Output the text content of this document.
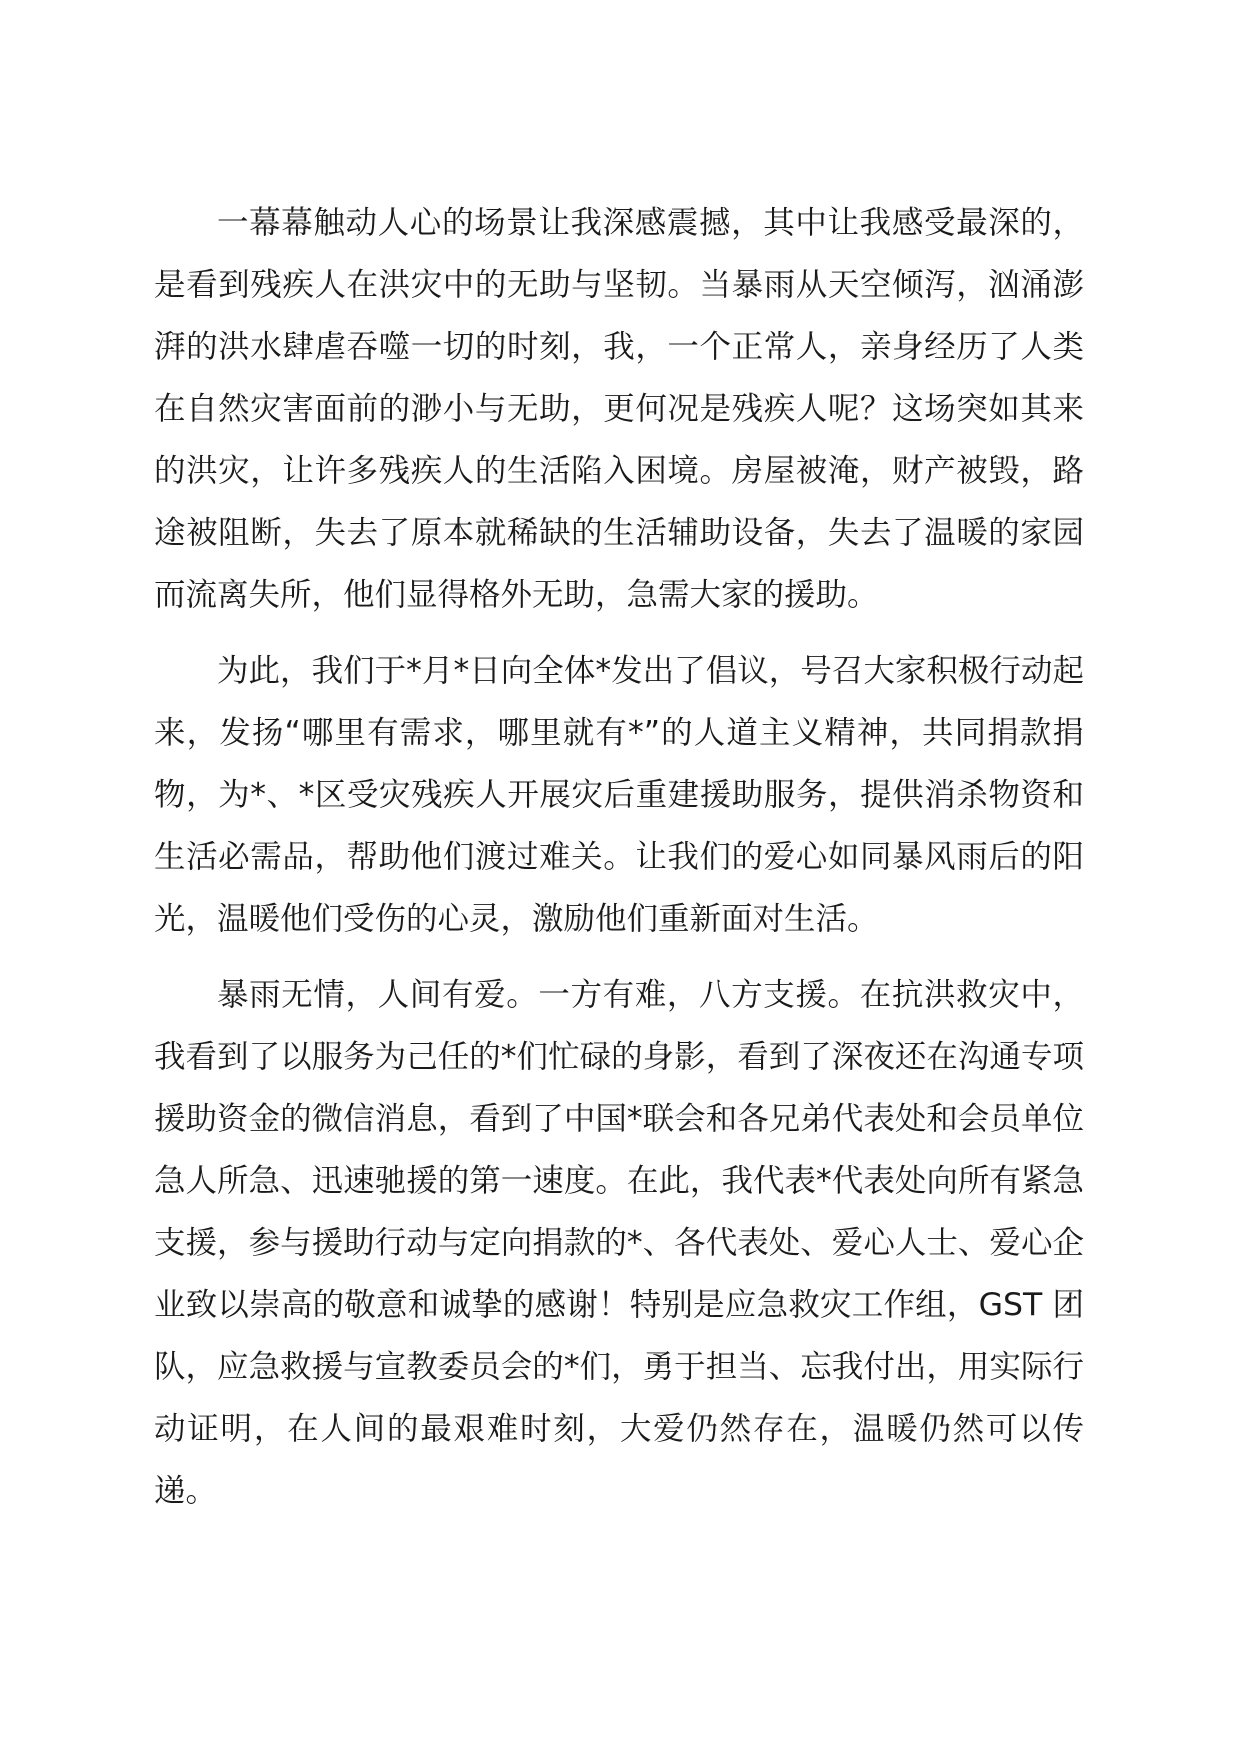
一幕幕触动人心的场景让我深感震撼，其中让我感受最深的，是看到残疾人在洪灾中的无助与坚韧。当暴雨从天空倾泻，汹涌澎湃的洪水肆虐吞噬一切的时刻，我，一个正常人，亲身经历了人类在自然灾害面前的渺小与无助，更何况是残疾人呢？这场突如其来的洪灾，让许多残疾人的生活陷入困境。房屋被淹，财产被毁，路途被阻断，失去了原本就稀缺的生活辅助设备，失去了温暖的家园而流离失所，他们显得格外无助，急需大家的援助。

为此，我们于*月*日向全体*发出了倡议，号召大家积极行动起来，发扬“哪里有需求，哪里就有*”的人道主义精神，共同捐款捐物，为*、*区受灾残疾人开展灾后重建援助服务，提供消杀物资和生活必需品，帮助他们渡过难关。让我们的爱心如同暴风雨后的阳光，温暖他们受伤的心灵，激励他们重新面对生活。

暴雨无情，人间有爱。一方有难，八方支援。在抗洪救灾中，我看到了以服务为己任的*们忙碌的身影，看到了深夜还在沟通专项援助资金的微信消息，看到了中国*联会和各兄弟代表处和会员单位急人所急、迅速驰援的第一速度。在此，我代表*代表处向所有紧急支援，参与援助行动与定向捐款的*、各代表处、爱心人士、爱心企业致以崇高的敬意和诚挚的感谢！特别是应急救灾工作组，GST 团队，应急救援与宣教委员会的*们，勇于担当、忘我付出，用实际行动证明，在人间的最艰难时刻，大爱仍然存在，温暖仍然可以传递。
